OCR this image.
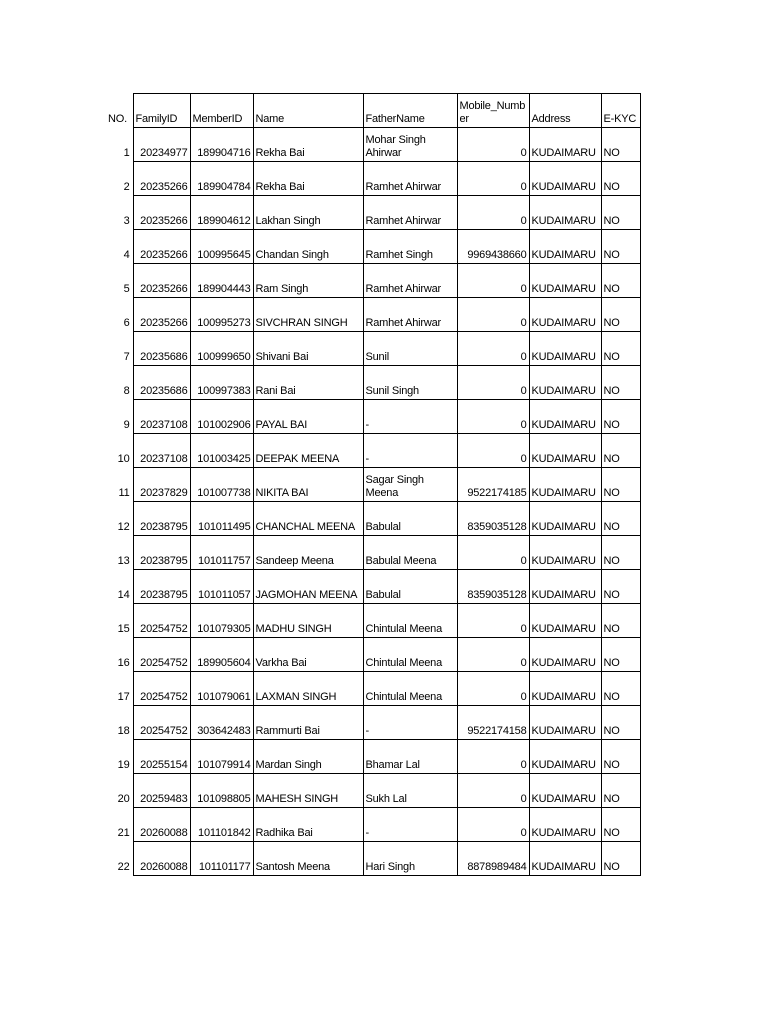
NO.	FamilyID	MemberID	Name	FatherName	Mobile_Number	Address	E-KYC
1	20234977	189904716	Rekha Bai	Mohar Singh Ahirwar	0	KUDAIMARU	NO
2	20235266	189904784	Rekha Bai	Ramhet Ahirwar	0	KUDAIMARU	NO
3	20235266	189904612	Lakhan Singh	Ramhet Ahirwar	0	KUDAIMARU	NO
4	20235266	100995645	Chandan Singh	Ramhet Singh	9969438660	KUDAIMARU	NO
5	20235266	189904443	Ram Singh	Ramhet Ahirwar	0	KUDAIMARU	NO
6	20235266	100995273	SIVCHRAN SINGH	Ramhet Ahirwar	0	KUDAIMARU	NO
7	20235686	100999650	Shivani Bai	Sunil	0	KUDAIMARU	NO
8	20235686	100997383	Rani Bai	Sunil Singh	0	KUDAIMARU	NO
9	20237108	101002906	PAYAL BAI	-	0	KUDAIMARU	NO
10	20237108	101003425	DEEPAK MEENA	-	0	KUDAIMARU	NO
11	20237829	101007738	NIKITA BAI	Sagar Singh Meena	9522174185	KUDAIMARU	NO
12	20238795	101011495	CHANCHAL MEENA	Babulal	8359035128	KUDAIMARU	NO
13	20238795	101011757	Sandeep Meena	Babulal Meena	0	KUDAIMARU	NO
14	20238795	101011057	JAGMOHAN MEENA	Babulal	8359035128	KUDAIMARU	NO
15	20254752	101079305	MADHU SINGH	Chintulal Meena	0	KUDAIMARU	NO
16	20254752	189905604	Varkha Bai	Chintulal Meena	0	KUDAIMARU	NO
17	20254752	101079061	LAXMAN SINGH	Chintulal Meena	0	KUDAIMARU	NO
18	20254752	303642483	Rammurti Bai	-	9522174158	KUDAIMARU	NO
19	20255154	101079914	Mardan Singh	Bhamar Lal	0	KUDAIMARU	NO
20	20259483	101098805	MAHESH SINGH	Sukh Lal	0	KUDAIMARU	NO
21	20260088	101101842	Radhika Bai	-	0	KUDAIMARU	NO
22	20260088	101101177	Santosh Meena	Hari Singh	8878989484	KUDAIMARU	NO
